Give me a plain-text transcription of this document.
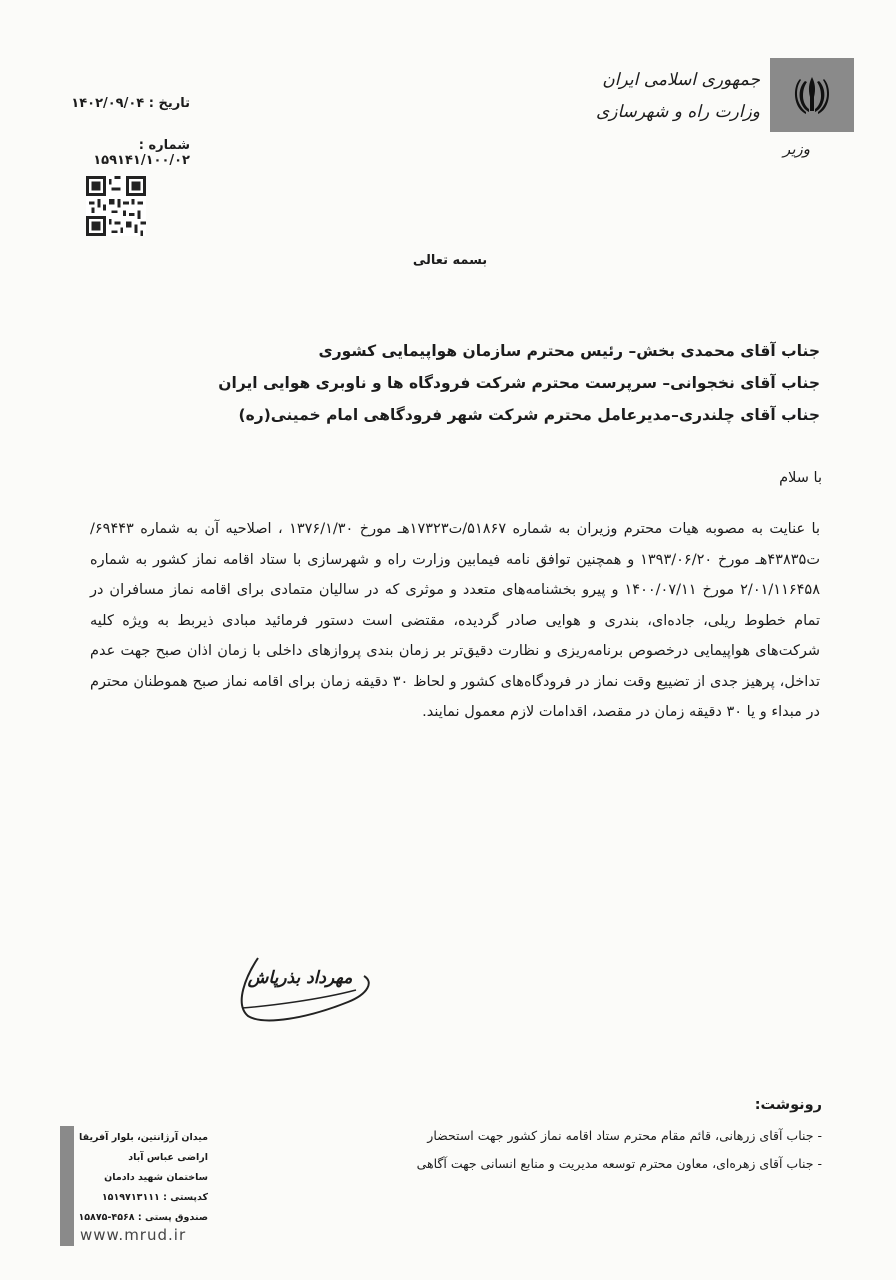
جمهوری اسلامی ایران
وزارت راه و شهرسازی
وزیر
تاریخ : ۱۴۰۲/۰۹/۰۴
شماره : ۱۵۹۱۴۱/۱۰۰/۰۲
بسمه تعالی
جناب آقای محمدی بخش– رئیس محترم سازمان هواپیمایی کشوری
جناب آقای نخجوانی– سرپرست محترم شرکت فرودگاه ها و ناوبری هوایی ایران
جناب آقای چلندری–مدیرعامل محترم شرکت شهر فرودگاهی امام خمینی(ره)
با سلام

با عنایت به مصوبه هیات محترم وزیران به شماره ۵۱۸۶۷/ت۱۷۳۲۳هـ مورخ ۱۳۷۶/۱/۳۰ ، اصلاحیه آن به شماره ۶۹۴۴۳/ت۴۳۸۳۵هـ مورخ ۱۳۹۳/۰۶/۲۰ و همچنین توافق نامه فیمابین وزارت راه و شهرسازی با ستاد اقامه نماز کشور به شماره ۲/۰۱/۱۱۶۴۵۸ مورخ ۱۴۰۰/۰۷/۱۱ و پیرو بخشنامه‌های متعدد و موثری که در سالیان متمادی برای اقامه نماز مسافران در تمام خطوط ریلی، جاده‌ای، بندری و هوایی صادر گردیده، مقتضی است دستور فرمائید مبادی ذیربط به ویژه کلیه شرکت‌های هواپیمایی درخصوص برنامه‌ریزی و نظارت دقیق‌تر بر زمان بندی پروازهای داخلی با زمان اذان صبح جهت عدم تداخل، پرهیز جدی از تضییع وقت نماز در فرودگاه‌های کشور و لحاظ ۳۰ دقیقه زمان برای اقامه نماز صبح هموطنان محترم در مبداء و یا ۳۰ دقیقه زمان در مقصد، اقدامات لازم معمول نمایند.

مهرداد بذرپاش
رونوشت:
- جناب آقای زرهانی، قائم مقام محترم ستاد اقامه نماز کشور جهت استحضار
- جناب آقای زهره‌ای، معاون محترم توسعه مدیریت و منابع انسانی جهت آگاهی
میدان آرژانتین، بلوار آفریقا
اراضی عباس آباد
ساختمان شهید دادمان
کدپستی : ۱۵۱۹۷۱۳۱۱۱
صندوق پستی : ۴۵۶۸-۱۵۸۷۵
www.mrud.ir
